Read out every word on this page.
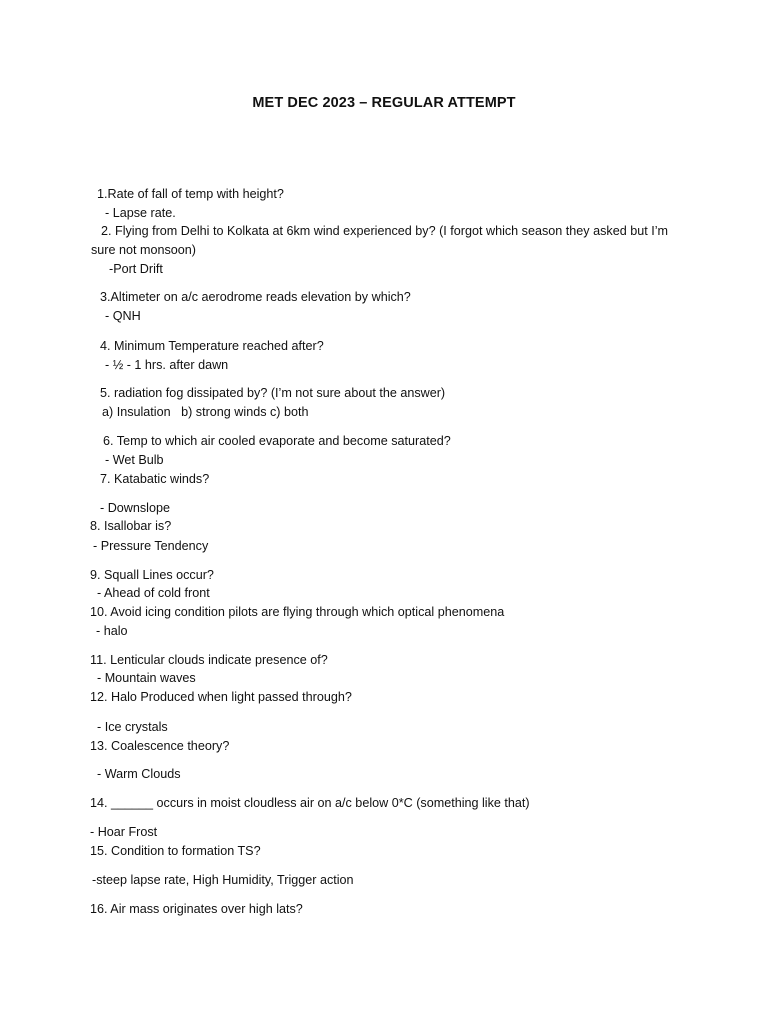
MET DEC 2023 – REGULAR ATTEMPT
1.Rate of fall of temp with height?
- Lapse rate.
2. Flying from Delhi to Kolkata at 6km wind experienced by? (I forgot which season they asked but I’m
sure not monsoon)
-Port Drift
3.Altimeter on a/c aerodrome reads elevation by which?
- QNH
4. Minimum Temperature reached after?
- ½ - 1 hrs. after dawn
5. radiation fog dissipated by? (I’m not sure about the answer)
a) Insulation   b) strong winds c) both
6. Temp to which air cooled evaporate and become saturated?
- Wet Bulb
7. Katabatic winds?
- Downslope
8. Isallobar is?
- Pressure Tendency
9. Squall Lines occur?
- Ahead of cold front
10. Avoid icing condition pilots are flying through which optical phenomena
- halo
11. Lenticular clouds indicate presence of?
- Mountain waves
12. Halo Produced when light passed through?
- Ice crystals
13. Coalescence theory?
- Warm Clouds
14. ______ occurs in moist cloudless air on a/c below 0*C (something like that)
- Hoar Frost
15. Condition to formation TS?
-steep lapse rate, High Humidity, Trigger action
16. Air mass originates over high lats?
